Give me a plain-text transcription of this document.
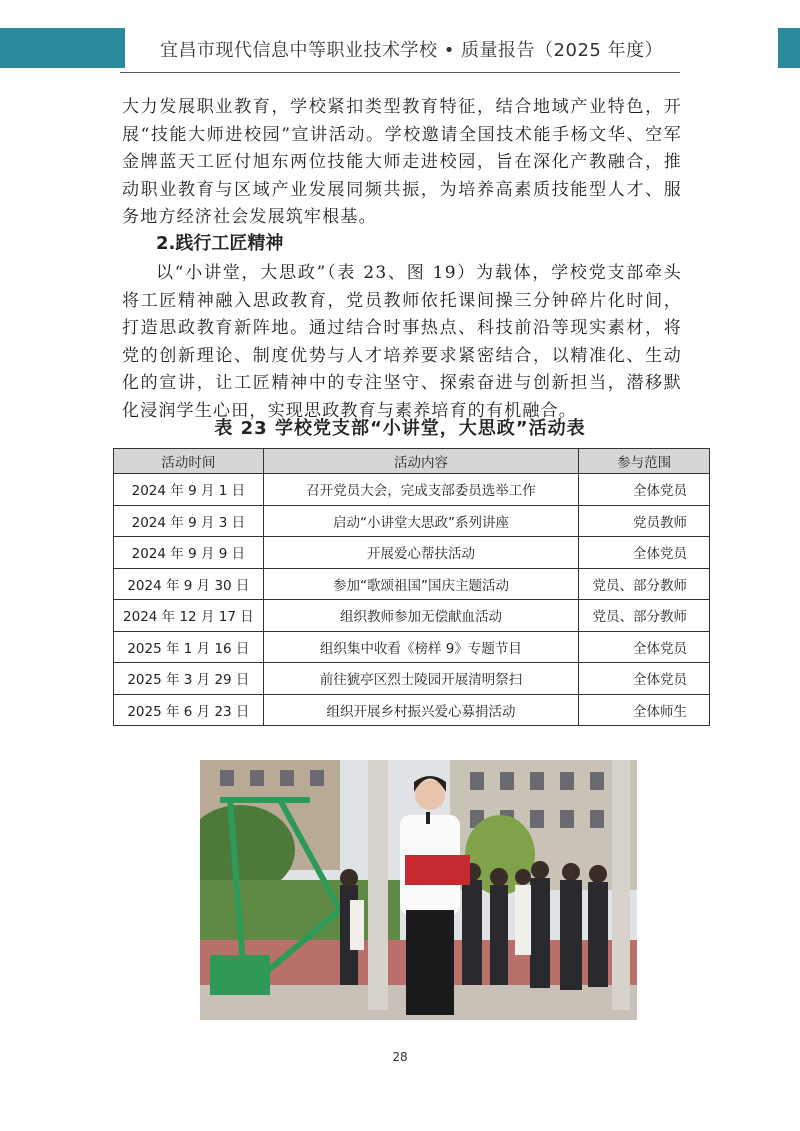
宜昌市现代信息中等职业技术学校 • 质量报告（2025 年度）
大力发展职业教育，学校紧扣类型教育特征，结合地域产业特色，开展“技能大师进校园”宣讲活动。学校邀请全国技术能手杨文华、空军金牌蓝天工匠付旭东两位技能大师走进校园，旨在深化产教融合，推动职业教育与区域产业发展同频共振，为培养高素质技能型人才、服务地方经济社会发展筑牢根基。
2.践行工匠精神
以“小讲堂，大思政”（表 23、图 19）为载体，学校党支部牵头将工匠精神融入思政教育，党员教师依托课间操三分钟碎片化时间，打造思政教育新阵地。通过结合时事热点、科技前沿等现实素材，将党的创新理论、制度优势与人才培养要求紧密结合，以精准化、生动化的宣讲，让工匠精神中的专注坚守、探索奋进与创新担当，潜移默化浸润学生心田，实现思政教育与素养培育的有机融合。
表 23 学校党支部“小讲堂，大思政”活动表
活动时间	活动内容	参与范围
2024 年 9 月 1 日	召开党员大会，完成支部委员选举工作	全体党员
2024 年 9 月 3 日	启动“小讲堂大思政”系列讲座	党员教师
2024 年 9 月 9 日	开展爱心帮扶活动	全体党员
2024 年 9 月 30 日	参加“歌颂祖国”国庆主题活动	党员、部分教师
2024 年 12 月 17 日	组织教师参加无偿献血活动	党员、部分教师
2025 年 1 月 16 日	组织集中收看《榜样 9》专题节目	全体党员
2025 年 3 月 29 日	前往猇亭区烈士陵园开展清明祭扫	全体党员
2025 年 6 月 23 日	组织开展乡村振兴爱心募捐活动	全体师生
28
